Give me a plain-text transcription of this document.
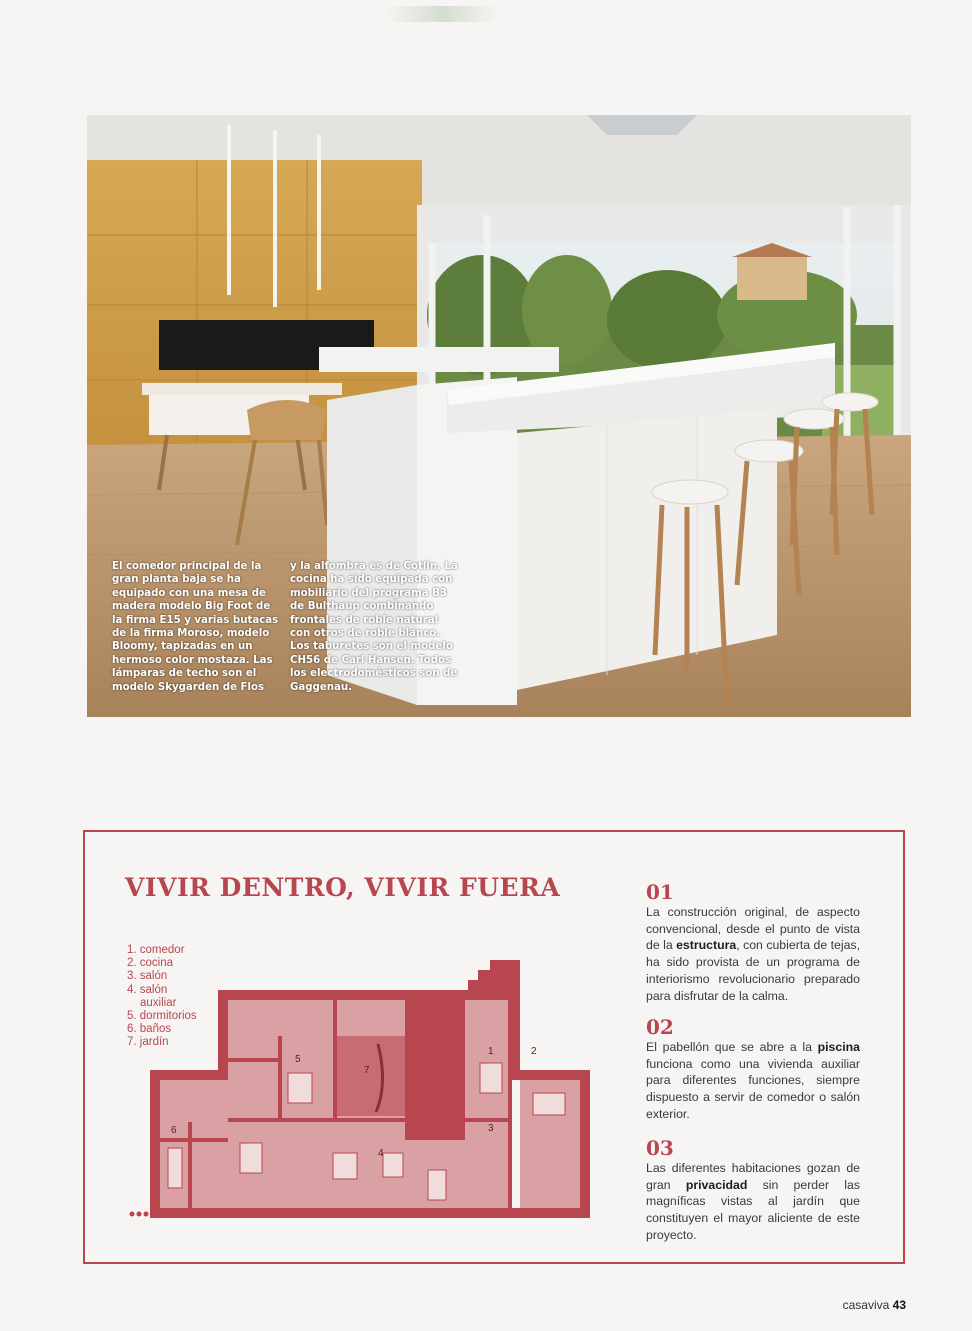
El comedor principal de la gran planta baja se ha equipado con una mesa de madera modelo Big Foot de la firma E15 y varias butacas de la firma Moroso, modelo Bloomy, tapizadas en un hermoso color mostaza. Las lámparas de techo son el modelo Skygarden de Flos
y la alfombra es de Cotlin. La cocina ha sido equipada con mobiliario del programa B3 de Bulthaup combinando frontales de roble natural con otros de roble blanco. Los taburetes son el modelo CH56 de Carl Hansen. Todos los electrodomésticos son de Gaggenau.
VIVIR DENTRO, VIVIR FUERA
1. comedor
2. cocina
3. salón
4. salón
auxiliar
5. dormitorios
6. baños
7. jardín
1	2
3
4
5
6
7
01

La construcción original, de aspecto convencional, desde el punto de vista de la estructura, con cubierta de tejas, ha sido provista de un programa de interiorismo revolucionario preparado para disfrutar de la calma.

02

El pabellón que se abre a la piscina funciona como una vivienda auxiliar para diferentes funciones, siempre dispuesto a servir de comedor o salón exterior.

03

Las diferentes habitaciones gozan de gran privacidad sin perder las magníficas vistas al jardín que constituyen el mayor aliciente de este proyecto.

casaviva 43
